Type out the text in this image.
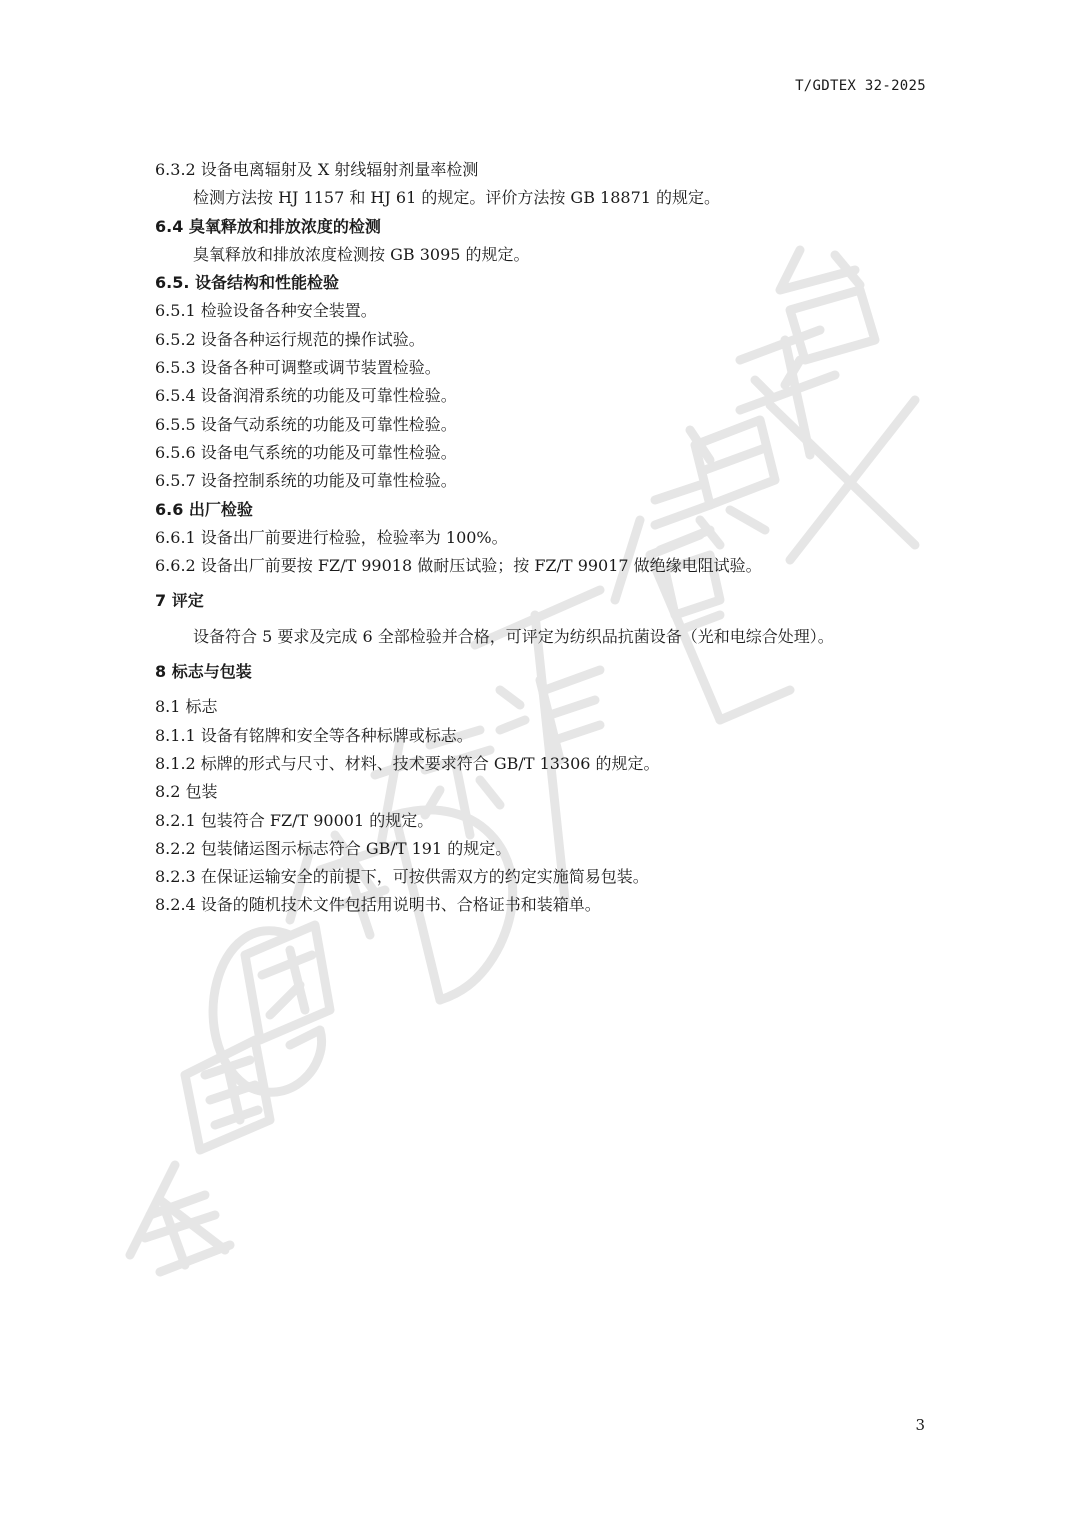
T/GDTEX 32-2025
6.3.2 设备电离辐射及 X 射线辐射剂量率检测
检测方法按 HJ 1157 和 HJ 61 的规定。评价方法按 GB 18871 的规定。
6.4 臭氧释放和排放浓度的检测
臭氧释放和排放浓度检测按 GB 3095 的规定。
6.5. 设备结构和性能检验
6.5.1 检验设备各种安全装置。
6.5.2 设备各种运行规范的操作试验。
6.5.3 设备各种可调整或调节装置检验。
6.5.4 设备润滑系统的功能及可靠性检验。
6.5.5 设备气动系统的功能及可靠性检验。
6.5.6 设备电气系统的功能及可靠性检验。
6.5.7 设备控制系统的功能及可靠性检验。
6.6 出厂检验
6.6.1 设备出厂前要进行检验，检验率为 100%。
6.6.2 设备出厂前要按 FZ/T 99018 做耐压试验；按 FZ/T 99017 做绝缘电阻试验。
7 评定
设备符合 5 要求及完成 6 全部检验并合格，可评定为纺织品抗菌设备（光和电综合处理）。
8 标志与包装
8.1 标志
8.1.1 设备有铭牌和安全等各种标牌或标志。
8.1.2 标牌的形式与尺寸、材料、技术要求符合 GB/T 13306 的规定。
8.2 包装
8.2.1 包装符合 FZ/T 90001 的规定。
8.2.2 包装储运图示标志符合 GB/T 191 的规定。
8.2.3 在保证运输安全的前提下，可按供需双方的约定实施简易包装。
8.2.4 设备的随机技术文件包括用说明书、合格证书和装箱单。
3
